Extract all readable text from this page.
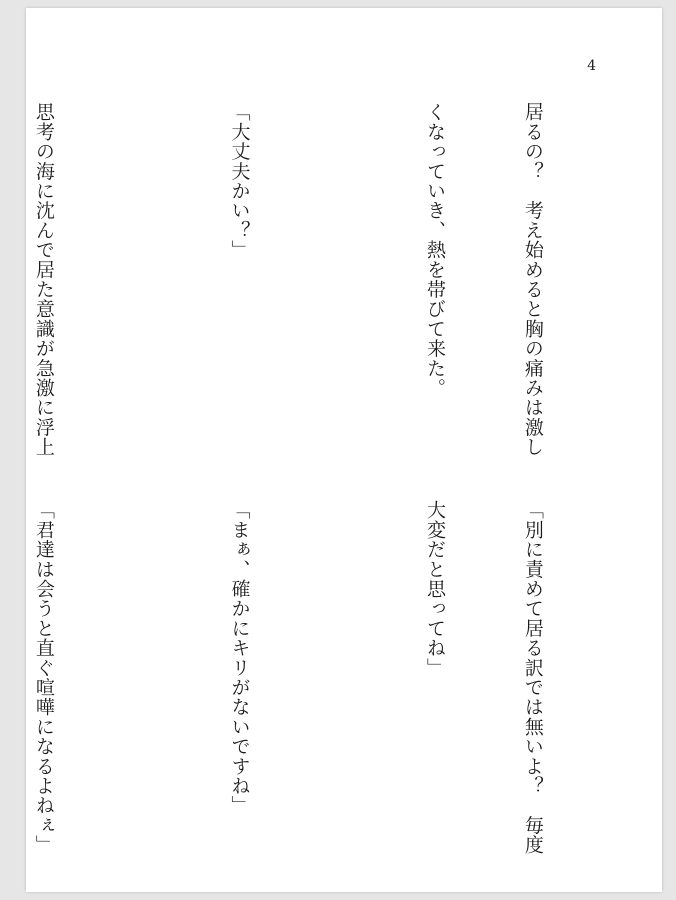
4

居るの？　考え始めると胸の痛みは激し

くなっていき、熱を帯びて来た。

「大丈夫かい？」

思考の海に沈んで居た意識が急激に浮上

「別に責めて居る訳では無いよ？　毎度

大変だと思ってね」

「まぁ、確かにキリがないですね」

「君達は会うと直ぐ喧嘩になるよねぇ」
